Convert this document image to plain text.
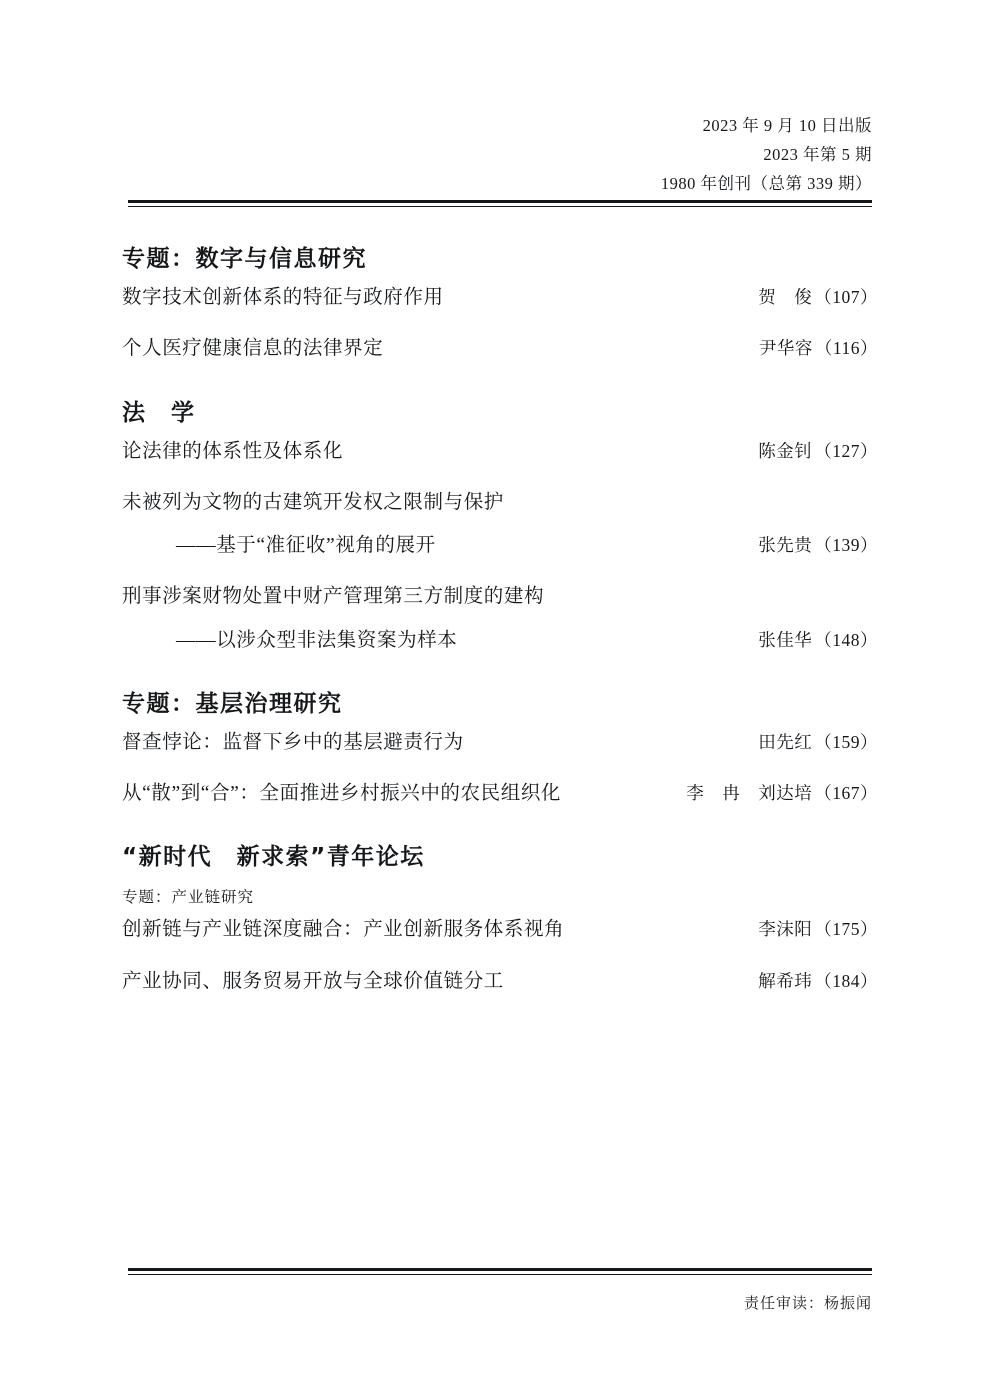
2023 年 9 月 10 日出版
2023 年第 5 期
1980 年创刊（总第 339 期）
专题：数字与信息研究
数字技术创新体系的特征与政府作用	贺　俊 （107）
个人医疗健康信息的法律界定	尹华容 （116）
法　学
论法律的体系性及体系化	陈金钊 （127）
未被列为文物的古建筑开发权之限制与保护
——基于“准征收”视角的展开	张先贵 （139）
刑事涉案财物处置中财产管理第三方制度的建构
——以涉众型非法集资案为样本	张佳华 （148）
专题：基层治理研究
督查悖论：监督下乡中的基层避责行为	田先红 （159）
从“散”到“合”：全面推进乡村振兴中的农民组织化	李　冉　刘达培 （167）
“新时代　新求索”青年论坛
专题：产业链研究
创新链与产业链深度融合：产业创新服务体系视角	李沫阳 （175）
产业协同、服务贸易开放与全球价值链分工	解希玮 （184）
责任审读：杨振闻
